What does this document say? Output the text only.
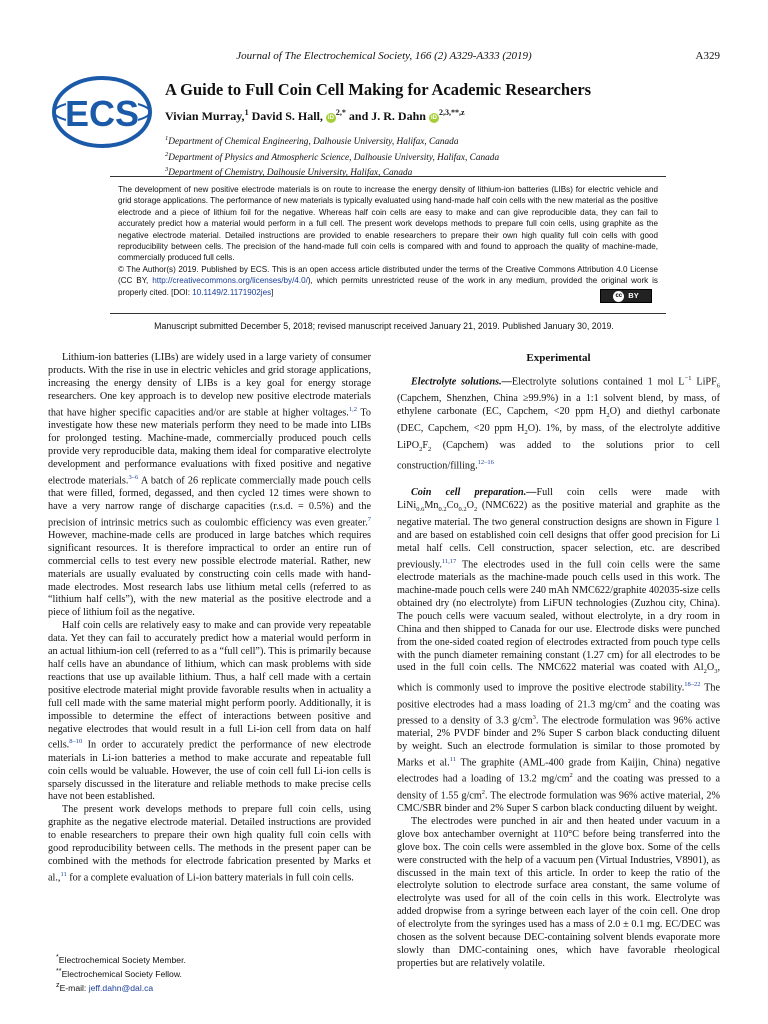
Journal of The Electrochemical Society, 166 (2) A329-A333 (2019)	A329
ECS
A Guide to Full Coin Cell Making for Academic Researchers
Vivian Murray,$^1$ David S. Hall, $iD^{2,*}$ and J. R. Dahn $iD^{2,3,**,z}$
$^1$Department of Chemical Engineering, Dalhousie University, Halifax, Canada
$^2$Department of Physics and Atmospheric Science, Dalhousie University, Halifax, Canada
$^3$Department of Chemistry, Dalhousie University, Halifax, Canada
The development of new positive electrode materials is on route to increase the energy density of lithium-ion batteries (LIBs) for electric vehicle and grid storage applications. The performance of new materials is typically evaluated using hand-made half coin cells with the new material as the positive electrode and a piece of lithium foil for the negative. Whereas half coin cells are easy to make and can give reproducible data, they can fail to accurately predict how a material would perform in a full cell. The present work develops methods to prepare full coin cells, using graphite as the negative electrode material. Detailed instructions are provided to enable researchers to prepare their own high quality full coin cells with good reproducibility between cells. The precision of the hand-made full coin cells is compared with and found to approach the quality of machine-made, commercially produced full cells.
© The Author(s) 2019. Published by ECS. This is an open access article distributed under the terms of the Creative Commons Attribution 4.0 License (CC BY, http://creativecommons.org/licenses/by/4.0/), which permits unrestricted reuse of the work in any medium, provided the original work is properly cited. [DOI: 10.1149/2.1171902jes]	cc BY
Manuscript submitted December 5, 2018; revised manuscript received January 21, 2019. Published January 30, 2019.

Lithium-ion batteries (LIBs) are widely used in a large variety of consumer products. With the rise in use in electric vehicles and grid storage applications, increasing the energy density of LIBs is a key goal for energy storage researchers. One key approach is to develop new positive electrode materials that have higher specific capacities and/or are stable at higher voltages.$^{1,2}$ To investigate how these new materials perform they need to be made into LIBs for prolonged testing. Machine-made, commercially produced pouch cells provide very reproducible data, making them ideal for comparative electrolyte development and performance evaluations with fixed positive and negative electrode materials.$^{3-6}$ A batch of 26 replicate commercially made pouch cells that were filled, formed, degassed, and then cycled 12 times were shown to have a very narrow range of discharge capacities (r.s.d. = 0.5%) and the precision of intrinsic metrics such as coulombic efficiency was even greater.$^7$ However, machine-made cells are produced in large batches which requires significant resources. It is therefore impractical to order an entire run of commercial cells to test every new possible electrode material. Rather, new materials are usually evaluated by constructing coin cells made with hand-made electrodes. Most research labs use lithium metal cells (referred to as “lithium half cells”), with the new material as the positive electrode and a piece of lithium foil as the negative.

Half coin cells are relatively easy to make and can provide very repeatable data. Yet they can fail to accurately predict how a material would perform in an actual lithium-ion cell (referred to as a “full cell”). This is primarily because half cells have an abundance of lithium, which can mask problems with side reactions that use up available lithium. Thus, a half cell made with a certain positive electrode material might provide favorable results when in actuality a full cell made with the same material might perform poorly. Additionally, it is impossible to determine the effect of interactions between positive and negative electrodes that would result in a full Li-ion cell from data on half cells.$^{8-10}$ In order to accurately predict the performance of new electrode materials in Li-ion batteries a method to make accurate and repeatable full coin cells would be valuable. However, the use of coin cell full Li-ion cells is sparsely discussed in the literature and reliable methods to make precise cells have not been established.

The present work develops methods to prepare full coin cells, using graphite as the negative electrode material. Detailed instructions are provided to enable researchers to prepare their own high quality full coin cells with good reproducibility between cells. The methods in the present paper can be combined with the methods for electrode fabrication presented by Marks et al.,$^{11}$ for a complete evaluation of Li-ion battery materials in full coin cells.

*Electrochemical Society Member.
**Electrochemical Society Fellow.
$^z$E-mail: jeff.dahn@dal.ca

Experimental

Electrolyte solutions.—Electrolyte solutions contained 1 mol $L^{-1}$ LiPF$_6$ (Capchem, Shenzhen, China ≥99.9%) in a 1:1 solvent blend, by mass, of ethylene carbonate (EC, Capchem, <20 ppm $H_2O$) and diethyl carbonate (DEC, Capchem, <20 ppm $H_2O$). 1%, by mass, of the electrolyte additive $LiPO_2F_2$ (Capchem) was added to the solutions prior to cell construction/filling.$^{12-16}$

Coin cell preparation.—Full coin cells were made with $LiNi_{0.6}Mn_{0.2}Co_{0.2}O_2$ (NMC622) as the positive material and graphite as the negative material. The two general construction designs are shown in Figure 1 and are based on established coin cell designs that offer good precision for Li metal half cells. Cell construction, spacer selection, etc. are described previously.$^{11,17}$ The electrodes used in the full coin cells were the same electrode materials as the machine-made pouch cells used in this work. The machine-made pouch cells were 240 mAh NMC622/graphite 402035-size cells obtained dry (no electrolyte) from LiFUN technologies (Zuzhou city, China). The pouch cells were vacuum sealed, without electrolyte, in a dry room in China and then shipped to Canada for our use. Electrode disks were punched from the one-sided coated region of electrodes extracted from pouch type cells with the punch diameter remaining constant (1.27 cm) for all electrodes to be used in the full coin cells. The NMC622 material was coated with $Al_2O_3$, which is commonly used to improve the positive electrode stability.$^{18-22}$ The positive electrodes had a mass loading of 21.3 $mg/cm^2$ and the coating was pressed to a density of 3.3 $g/cm^3$. The electrode formulation was 96% active material, 2% PVDF binder and 2% Super S carbon black conducting diluent by weight. Such an electrode formulation is similar to those promoted by Marks et al.$^{11}$ The graphite (AML-400 grade from Kaijin, China) negative electrodes had a loading of 13.2 $mg/cm^2$ and the coating was pressed to a density of 1.55 $g/cm^2$. The electrode formulation was 96% active material, 2% CMC/SBR binder and 2% Super S carbon black conducting diluent by weight.

The electrodes were punched in air and then heated under vacuum in a glove box antechamber overnight at 110°C before being transferred into the glove box. The coin cells were assembled in the glove box. Some of the cells were constructed with the help of a vacuum pen (Virtual Industries, V8901), as discussed in the main text of this article. In order to keep the ratio of the electrolyte solution to electrode surface area constant, the same volume of electrolyte was used for all of the coin cells in this work. Electrolyte was added dropwise from a syringe between each layer of the coin cell. One drop of electrolyte from the syringes used has a mass of 2.0 ± 0.1 mg. EC/DEC was chosen as the solvent because DEC-containing solvent blends evaporate more slowly than DMC-containing ones, which have favorable rheological properties but are relatively volatile.
